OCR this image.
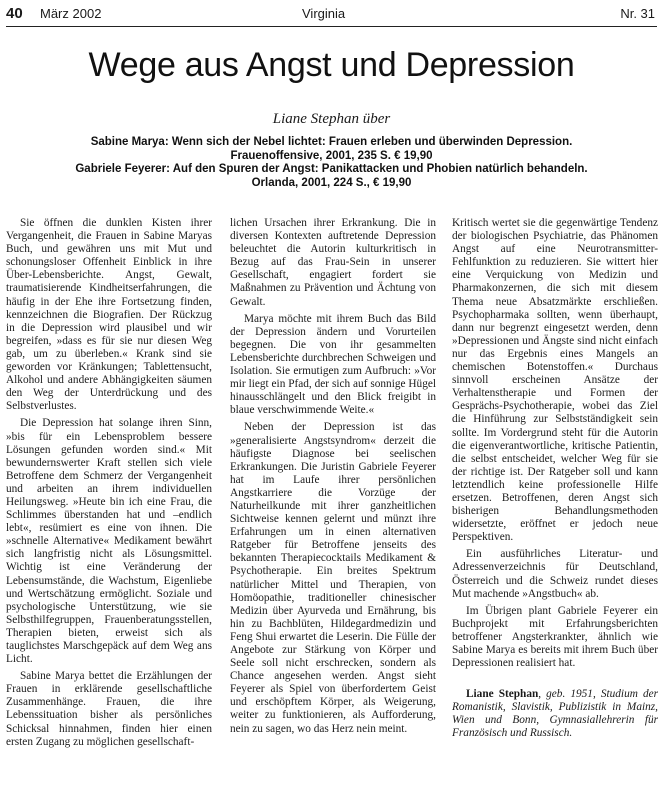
40 März 2002	Virginia	Nr. 31
Wege aus Angst und Depression
Liane Stephan über
Sabine Marya: Wenn sich der Nebel lichtet: Frauen erleben und überwinden Depression.
Frauenoffensive, 2001, 235 S. € 19,90
Gabriele Feyerer: Auf den Spuren der Angst: Panikattacken und Phobien natürlich behandeln.
Orlanda, 2001, 224 S., € 19,90

Sie öffnen die dunklen Kisten ihrer Vergangenheit, die Frauen in Sabine Maryas Buch, und gewähren uns mit Mut und schonungsloser Offenheit Einblick in ihre Über-Lebensberichte. Angst, Gewalt, traumatisierende Kindheitserfahrungen, die häufig in der Ehe ihre Fortsetzung finden, kennzeichnen die Biografien. Der Rückzug in die Depression wird plausibel und wir begreifen, »dass es für sie nur diesen Weg gab, um zu überleben.« Krank sind sie geworden vor Kränkungen; Tablettensucht, Alkohol und andere Abhängigkeiten säumen den Weg der Unterdrückung und des Selbstverlustes.

Die Depression hat solange ihren Sinn, »bis für ein Lebensproblem bessere Lösungen gefunden worden sind.« Mit bewundernswerter Kraft stellen sich viele Betroffene dem Schmerz der Vergangenheit und arbeiten an ihrem individuellen Heilungsweg. »Heute bin ich eine Frau, die Schlimmes überstanden hat und –endlich lebt«, resümiert es eine von ihnen. Die »schnelle Alternative« Medikament bewährt sich langfristig nicht als Lösungsmittel. Wichtig ist eine Veränderung der Lebensumstände, die Wachstum, Eigenliebe und Wertschätzung ermöglicht. Soziale und psychologische Unterstützung, wie sie Selbsthilfegruppen, Frauenberatungsstellen, Therapien bieten, erweist sich als tauglichstes Marschgepäck auf dem Weg ans Licht.

Sabine Marya bettet die Erzählungen der Frauen in erklärende gesellschaftliche Zusammenhänge. Frauen, die ihre Lebenssituation bisher als persönliches Schicksal hinnahmen, finden hier einen ersten Zugang zu möglichen gesellschaft-

lichen Ursachen ihrer Erkrankung. Die in diversen Kontexten auftretende Depression beleuchtet die Autorin kulturkritisch in Bezug auf das Frau-Sein in unserer Gesellschaft, engagiert fordert sie Maßnahmen zu Prävention und Ächtung von Gewalt.

Marya möchte mit ihrem Buch das Bild der Depression ändern und Vorurteilen begegnen. Die von ihr gesammelten Lebensberichte durchbrechen Schweigen und Isolation. Sie ermutigen zum Aufbruch: »Vor mir liegt ein Pfad, der sich auf sonnige Hügel hinausschlängelt und den Blick freigibt in blaue verschwimmende Weite.«

Neben der Depression ist das »generalisierte Angstsyndrom« derzeit die häufigste Diagnose bei seelischen Erkrankungen. Die Juristin Gabriele Feyerer hat im Laufe ihrer persönlichen Angstkarriere die Vorzüge der Naturheilkunde mit ihrer ganzheitlichen Sichtweise kennen gelernt und münzt ihre Erfahrungen um in einen alternativen Ratgeber für Betroffene jenseits des bekannten Therapiecocktails Medikament & Psychotherapie. Ein breites Spektrum natürlicher Mittel und Therapien, von Homöopathie, traditioneller chinesischer Medizin über Ayurveda und Ernährung, bis hin zu Bachblüten, Hildegardmedizin und Feng Shui erwartet die Leserin. Die Fülle der Angebote zur Stärkung von Körper und Seele soll nicht erschrecken, sondern als Chance angesehen werden. Angst sieht Feyerer als Spiel von überfordertem Geist und erschöpftem Körper, als Weigerung, weiter zu funktionieren, als Aufforderung, nein zu sagen, wo das Herz nein meint.

Kritisch wertet sie die gegenwärtige Tendenz der biologischen Psychiatrie, das Phänomen Angst auf eine Neurotransmitter-Fehlfunktion zu reduzieren. Sie wittert hier eine Verquickung von Medizin und Pharmakonzernen, die sich mit diesem Thema neue Absatzmärkte erschließen. Psychopharmaka sollten, wenn überhaupt, dann nur begrenzt eingesetzt werden, denn »Depressionen und Ängste sind nicht einfach nur das Ergebnis eines Mangels an chemischen Botenstoffen.« Durchaus sinnvoll erscheinen Ansätze der Verhaltenstherapie und Formen der Gesprächs-Psychotherapie, wobei das Ziel die Hinführung zur Selbstständigkeit sein sollte. Im Vordergrund steht für die Autorin die eigenverantwortliche, kritische Patientin, die selbst entscheidet, welcher Weg für sie der richtige ist. Der Ratgeber soll und kann letztendlich keine professionelle Hilfe ersetzen. Betroffenen, deren Angst sich bisherigen Behandlungsmethoden widersetzte, eröffnet er jedoch neue Perspektiven.

Ein ausführliches Literatur- und Adressenverzeichnis für Deutschland, Österreich und die Schweiz rundet dieses Mut machende »Angstbuch« ab.

Im Übrigen plant Gabriele Feyerer ein Buchprojekt mit Erfahrungsberichten betroffener Angsterkrankter, ähnlich wie Sabine Marya es bereits mit ihrem Buch über Depressionen realisiert hat.

Liane Stephan, geb. 1951, Studium der Romanistik, Slavistik, Publizistik in Mainz, Wien und Bonn, Gymnasiallehrerin für Französisch und Russisch.
